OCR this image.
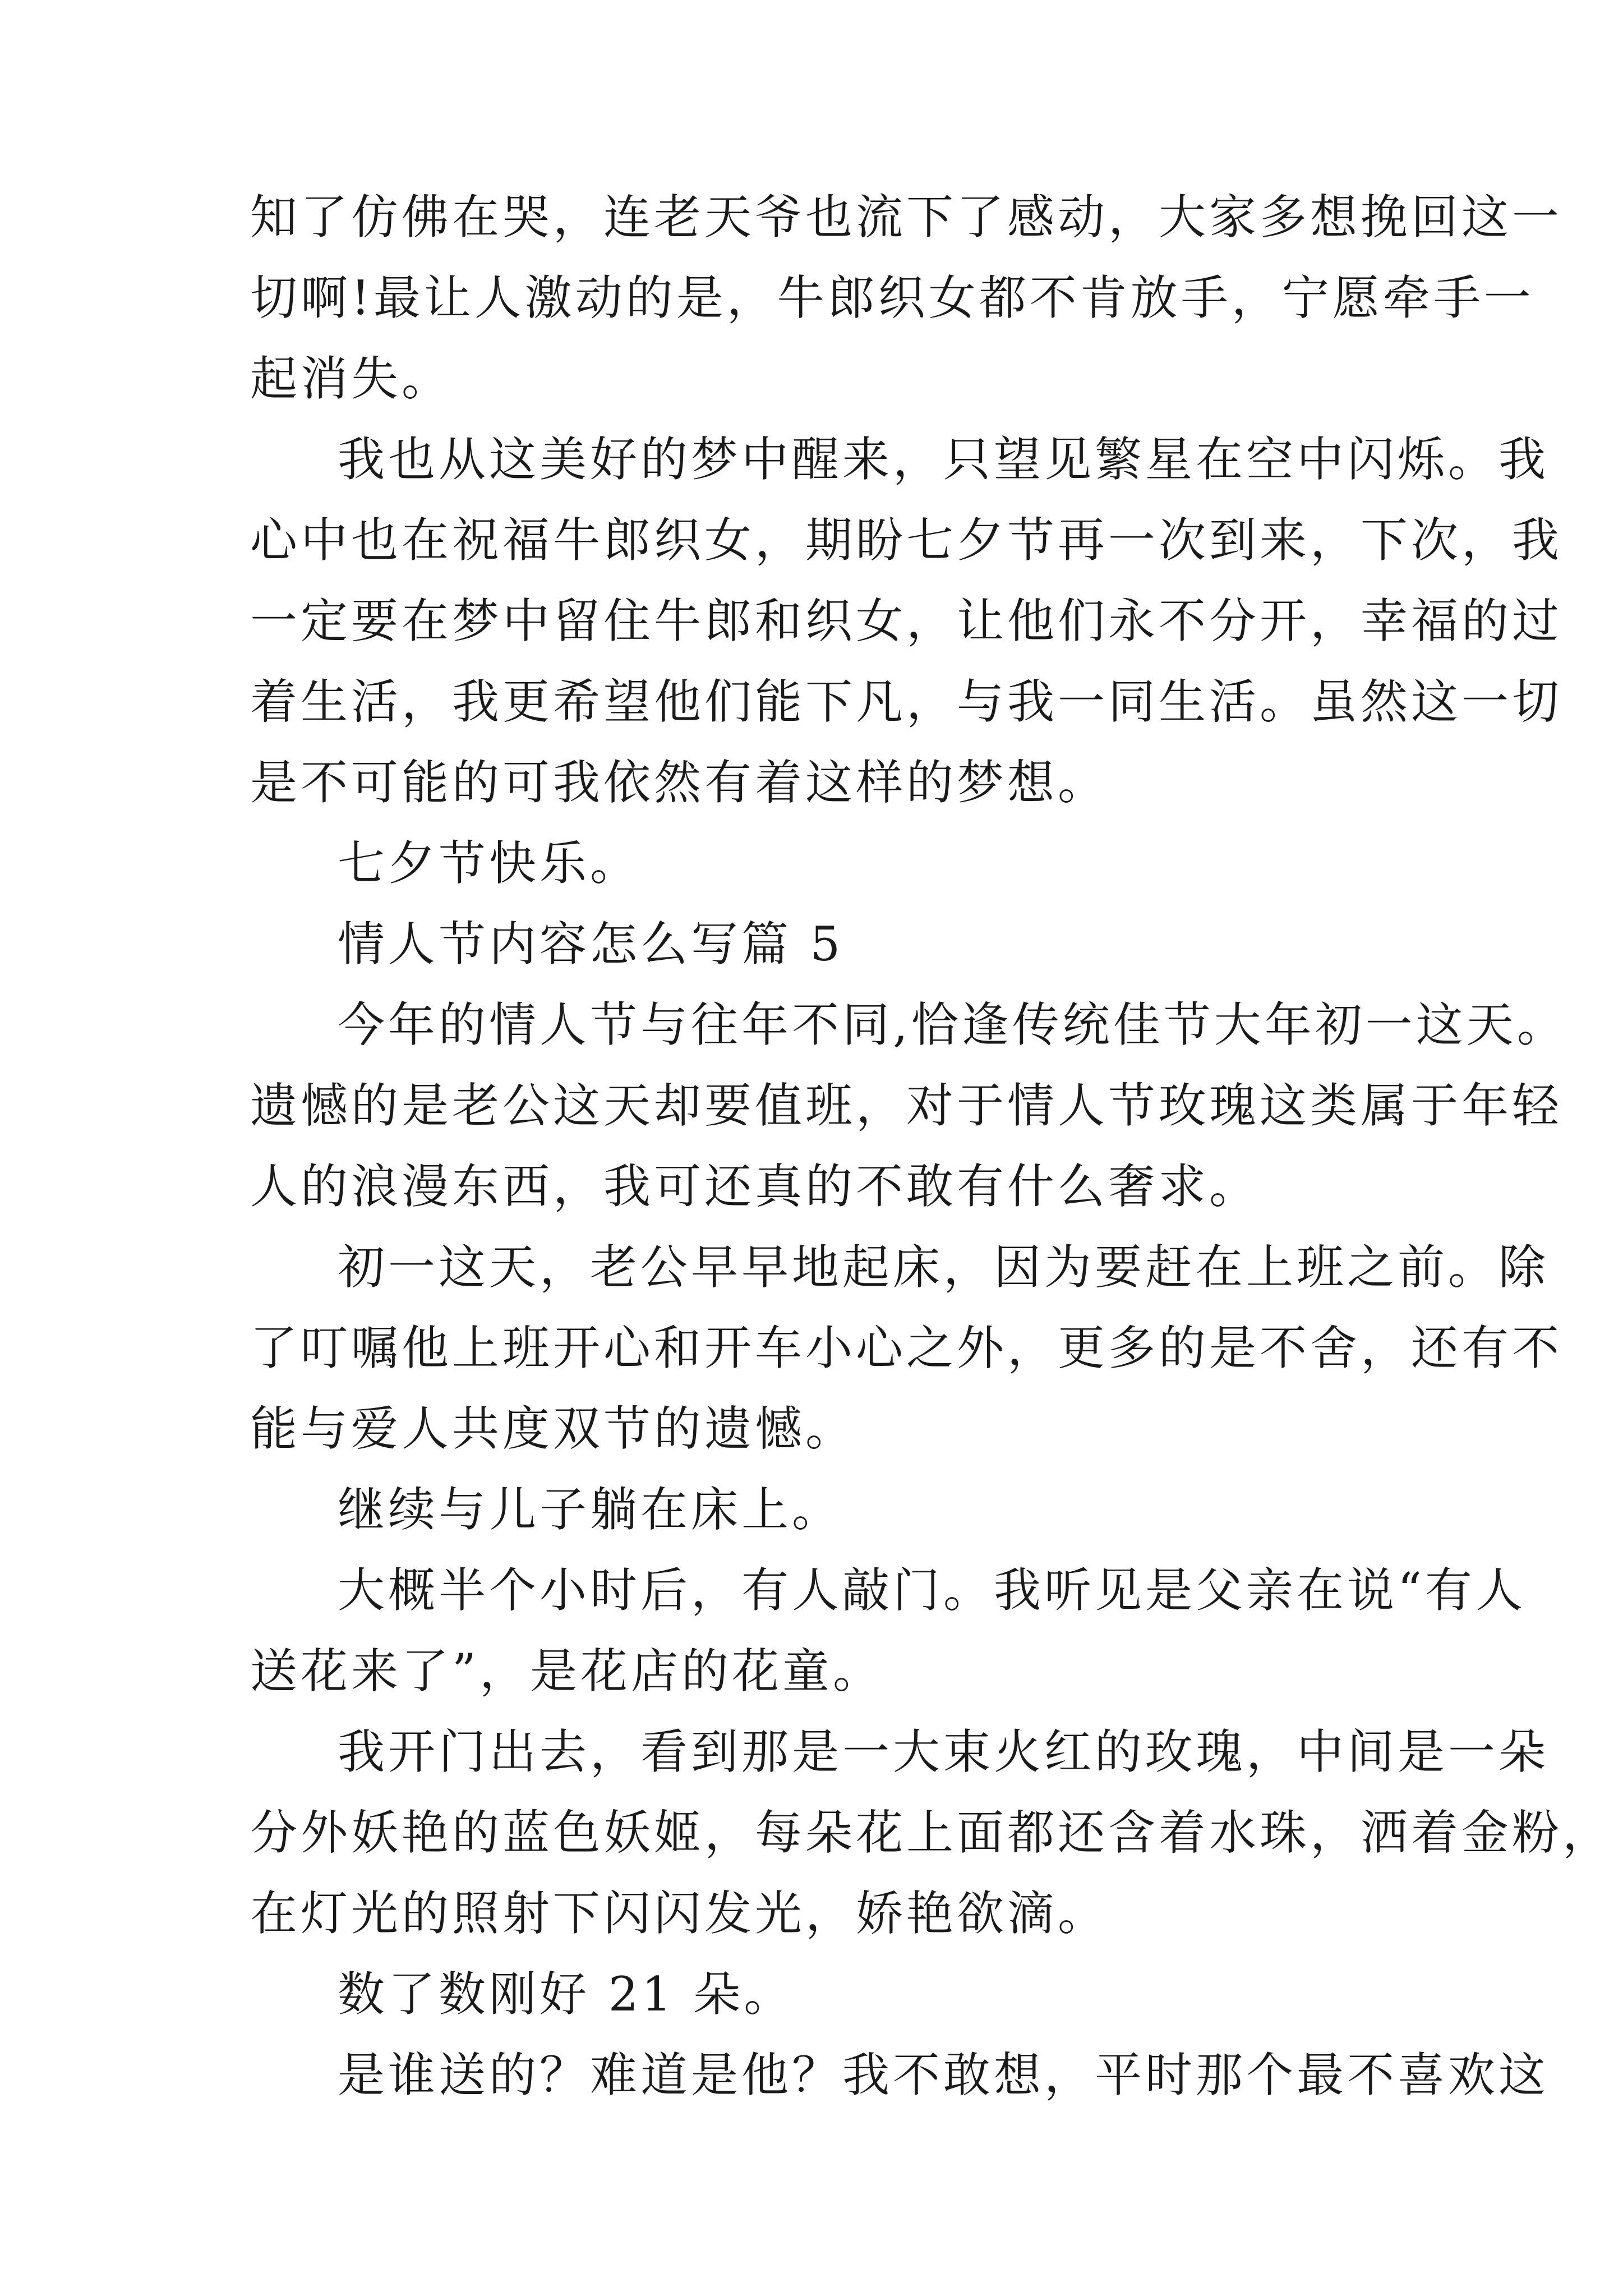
知了仿佛在哭，连老天爷也流下了感动，大家多想挽回这一
切啊!最让人激动的是，牛郎织女都不肯放手，宁愿牵手一
起消失。
我也从这美好的梦中醒来，只望见繁星在空中闪烁。我
心中也在祝福牛郎织女，期盼七夕节再一次到来，下次，我
一定要在梦中留住牛郎和织女，让他们永不分开，幸福的过
着生活，我更希望他们能下凡，与我一同生活。虽然这一切
是不可能的可我依然有着这样的梦想。
七夕节快乐。
情人节内容怎么写篇 5
今年的情人节与往年不同,恰逢传统佳节大年初一这天。
遗憾的是老公这天却要值班，对于情人节玫瑰这类属于年轻
人的浪漫东西，我可还真的不敢有什么奢求。
初一这天，老公早早地起床，因为要赶在上班之前。除
了叮嘱他上班开心和开车小心之外，更多的是不舍，还有不
能与爱人共度双节的遗憾。
继续与儿子躺在床上。
大概半个小时后，有人敲门。我听见是父亲在说“有人
送花来了”，是花店的花童。
我开门出去，看到那是一大束火红的玫瑰，中间是一朵
分外妖艳的蓝色妖姬，每朵花上面都还含着水珠，洒着金粉，
在灯光的照射下闪闪发光，娇艳欲滴。
数了数刚好 21 朵。
是谁送的？难道是他？我不敢想，平时那个最不喜欢这
